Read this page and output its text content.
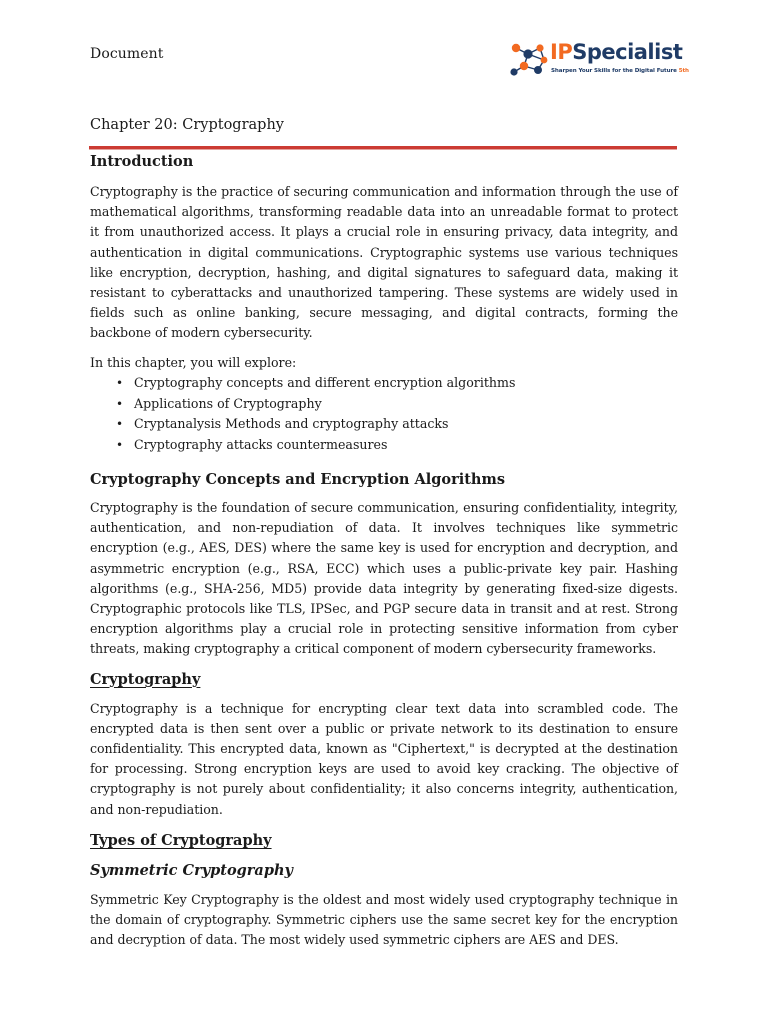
Document	IPSpecialist
Sharpen Your Skills for the Digital Future 5th
Chapter 20: Cryptography
Introduction

Cryptography is the practice of securing communication and information through the use of mathematical algorithms, transforming readable data into an unreadable format to protect it from unauthorized access. It plays a crucial role in ensuring privacy, data integrity, and authentication in digital communications. Cryptographic systems use various techniques like encryption, decryption, hashing, and digital signatures to safeguard data, making it resistant to cyberattacks and unauthorized tampering. These systems are widely used in fields such as online banking, secure messaging, and digital contracts, forming the backbone of modern cybersecurity.

In this chapter, you will explore:

• Cryptography concepts and different encryption algorithms
• Applications of Cryptography
• Cryptanalysis Methods and cryptography attacks
• Cryptography attacks countermeasures
Cryptography Concepts and Encryption Algorithms

Cryptography is the foundation of secure communication, ensuring confidentiality, integrity, authentication, and non-repudiation of data. It involves techniques like symmetric encryption (e.g., AES, DES) where the same key is used for encryption and decryption, and asymmetric encryption (e.g., RSA, ECC) which uses a public-private key pair. Hashing algorithms (e.g., SHA-256, MD5) provide data integrity by generating fixed-size digests. Cryptographic protocols like TLS, IPSec, and PGP secure data in transit and at rest. Strong encryption algorithms play a crucial role in protecting sensitive information from cyber threats, making cryptography a critical component of modern cybersecurity frameworks.

Cryptography

Cryptography is a technique for encrypting clear text data into scrambled code. The encrypted data is then sent over a public or private network to its destination to ensure confidentiality. This encrypted data, known as "Ciphertext," is decrypted at the destination for processing. Strong encryption keys are used to avoid key cracking. The objective of cryptography is not purely about confidentiality; it also concerns integrity, authentication, and non-repudiation.

Types of Cryptography
Symmetric Cryptography

Symmetric Key Cryptography is the oldest and most widely used cryptography technique in the domain of cryptography. Symmetric ciphers use the same secret key for the encryption and decryption of data. The most widely used symmetric ciphers are AES and DES.
